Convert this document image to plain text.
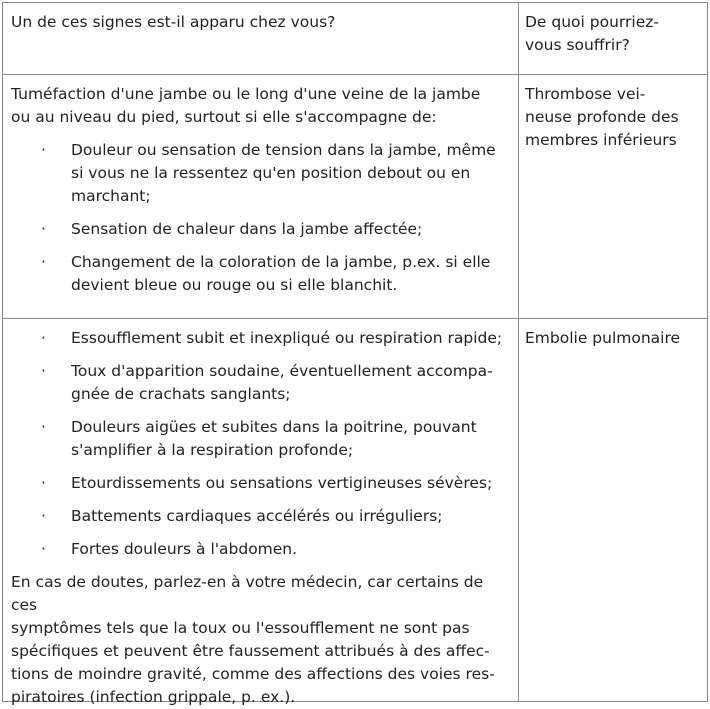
Un de ces signes est-il apparu chez vous?	De quoi pourriez-
vous souffrir?
Tuméfaction d'une jambe ou le long d'une veine de la jambe
ou au niveau du pied, surtout si elle s'accompagne de:
· Douleur ou sensation de tension dans la jambe, même
si vous ne la ressentez qu'en position debout ou en
marchant;
· Sensation de chaleur dans la jambe affectée;
· Changement de la coloration de la jambe, p.ex. si elle
devient bleue ou rouge ou si elle blanchit.
Thrombose vei-
neuse profonde des
membres inférieurs
· Essoufflement subit et inexpliqué ou respiration rapide;
· Toux d'apparition soudaine, éventuellement accompa-
gnée de crachats sanglants;
· Douleurs aigües et subites dans la poitrine, pouvant
s'amplifier à la respiration profonde;
· Etourdissements ou sensations vertigineuses sévères;
· Battements cardiaques accélérés ou irréguliers;
· Fortes douleurs à l'abdomen.
En cas de doutes, parlez-en à votre médecin, car certains de ces
symptômes tels que la toux ou l'essoufflement ne sont pas
spécifiques et peuvent être faussement attribués à des affec-
tions de moindre gravité, comme des affections des voies res-
piratoires (infection grippale, p. ex.).
Embolie pulmonaire
